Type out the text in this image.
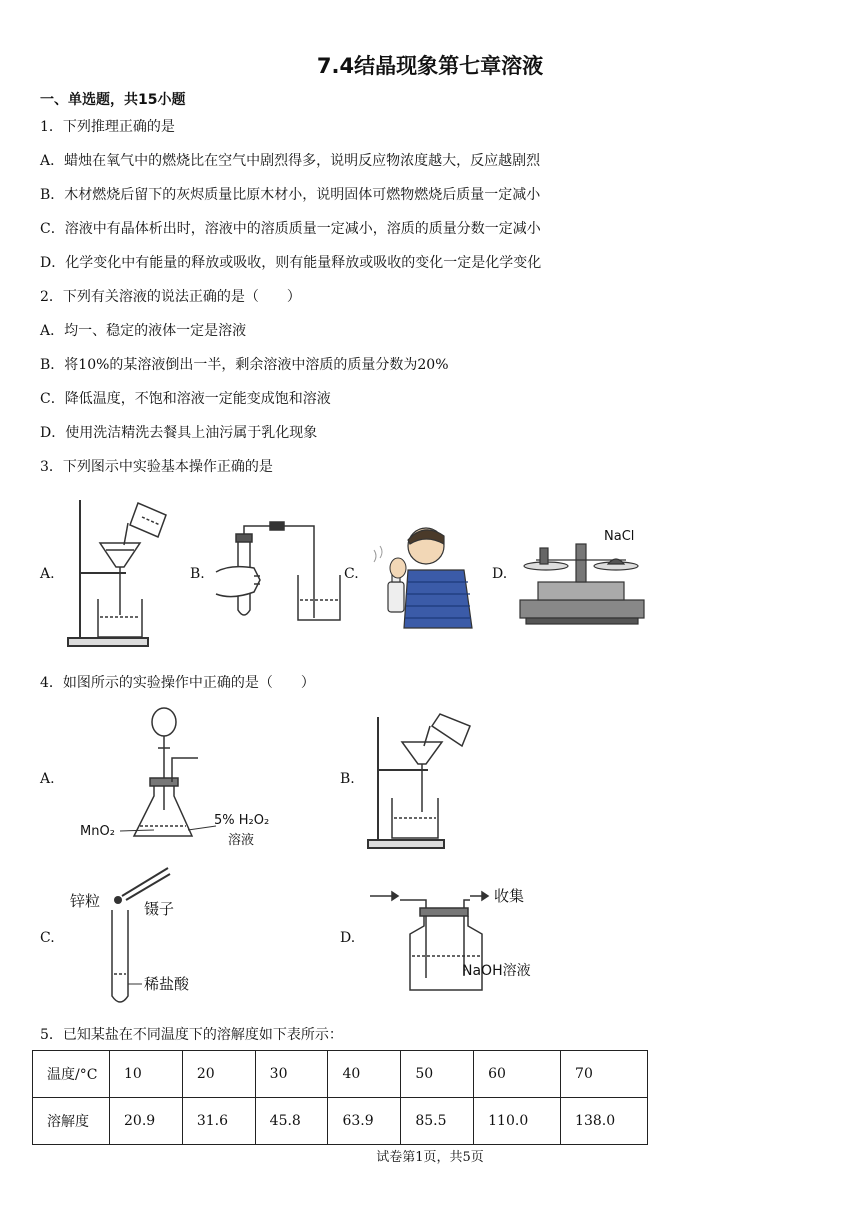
7.4结晶现象第七章溶液
一、单选题，共15小题
1．下列推理正确的是
A．蜡烛在氧气中的燃烧比在空气中剧烈得多，说明反应物浓度越大，反应越剧烈
B．木材燃烧后留下的灰烬质量比原木材小，说明固体可燃物燃烧后质量一定减小
C．溶液中有晶体析出时，溶液中的溶质质量一定减小，溶质的质量分数一定减小
D．化学变化中有能量的释放或吸收，则有能量释放或吸收的变化一定是化学变化
2．下列有关溶液的说法正确的是（　　）
A．均一、稳定的液体一定是溶液
B．将10%的某溶液倒出一半，剩余溶液中溶质的质量分数为20%
C．降低温度，不饱和溶液一定能变成饱和溶液
D．使用洗洁精洗去餐具上油污属于乳化现象
3．下列图示中实验基本操作正确的是
A.	B.	C.	D.
NaCl
4．如图所示的实验操作中正确的是（　　）
A.
MnO₂
5% H₂O₂
溶液
B.
C.
锌粒	镊子
稀盐酸
D.
收集
NaOH溶液
5．已知某盐在不同温度下的溶解度如下表所示：
温度/°C	10	20	30	40	50	60	70
溶解度	20.9	31.6	45.8	63.9	85.5	110.0	138.0
试卷第1页，共5页
